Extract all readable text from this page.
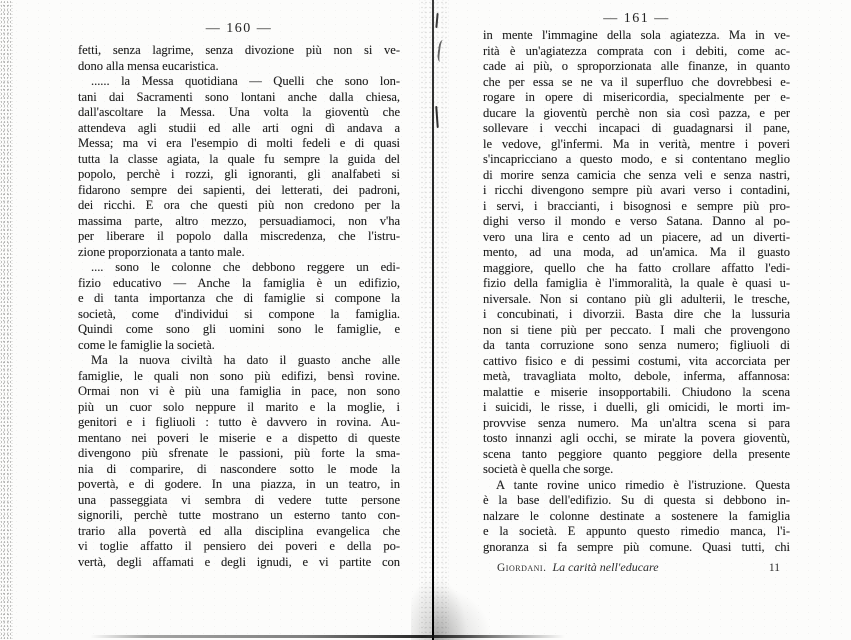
— 160 —
fetti, senza lagrime, senza divozione più non si ve-
dono alla mensa eucaristica.
...... la Messa quotidiana — Quelli che sono lon-
tani dai Sacramenti sono lontani anche dalla chiesa,
dall'ascoltare la Messa. Una volta la gioventù che
attendeva agli studii ed alle arti ogni dì andava a
Messa; ma vi era l'esempio di molti fedeli e di quasi
tutta la classe agiata, la quale fu sempre la guida del
popolo, perchè i rozzi, gli ignoranti, gli analfabeti si
fidarono sempre dei sapienti, dei letterati, dei padroni,
dei ricchi. E ora che questi più non credono per la
massima parte, altro mezzo, persuadiamoci, non v'ha
per liberare il popolo dalla miscredenza, che l'istru-
zione proporzionata a tanto male.
.... sono le colonne che debbono reggere un edi-
fizio educativo — Anche la famiglia è un edifizio,
e di tanta importanza che di famiglie si compone la
società, come d'individui si compone la famiglia.
Quindi come sono gli uomini sono le famiglie, e
come le famiglie la società.
Ma la nuova civiltà ha dato il guasto anche alle
famiglie, le quali non sono più edifizi, bensì rovine.
Ormai non vi è più una famiglia in pace, non sono
più un cuor solo neppure il marito e la moglie, i
genitori e i figliuoli : tutto è davvero in rovina. Au-
mentano nei poveri le miserie e a dispetto di queste
divengono più sfrenate le passioni, più forte la sma-
nia di comparire, di nascondere sotto le mode la
povertà, e di godere. In una piazza, in un teatro, in
una passeggiata vi sembra di vedere tutte persone
signorili, perchè tutte mostrano un esterno tanto con-
trario alla povertà ed alla disciplina evangelica che
vi toglie affatto il pensiero dei poveri e della po-
vertà, degli affamati e degli ignudi, e vi partite con
— 161 —
in mente l'immagine della sola agiatezza. Ma in ve-
rità è un'agiatezza comprata con i debiti, come ac-
cade ai più, o sproporzionata alle finanze, in quanto
che per essa se ne va il superfluo che dovrebbesi e-
rogare in opere di misericordia, specialmente per e-
ducare la gioventù perchè non sia così pazza, e per
sollevare i vecchi incapaci di guadagnarsi il pane,
le vedove, gl'infermi. Ma in verità, mentre i poveri
s'incapricciano a questo modo, e si contentano meglio
di morire senza camicia che senza veli e senza nastri,
i ricchi divengono sempre più avari verso i contadini,
i servi, i braccianti, i bisognosi e sempre più pro-
dighi verso il mondo e verso Satana. Danno al po-
vero una lira e cento ad un piacere, ad un diverti-
mento, ad una moda, ad un'amica. Ma il guasto
maggiore, quello che ha fatto crollare affatto l'edi-
fizio della famiglia è l'immoralità, la quale è quasi u-
niversale. Non si contano più gli adulterii, le tresche,
i concubinati, i divorzii. Basta dire che la lussuria
non si tiene più per peccato. I mali che provengono
da tanta corruzione sono senza numero; figliuoli di
cattivo fisico e di pessimi costumi, vita accorciata per
metà, travagliata molto, debole, inferma, affannosa:
malattie e miserie insopportabili. Chiudono la scena
i suicidi, le risse, i duelli, gli omicidi, le morti im-
provvise senza numero. Ma un'altra scena si para
tosto innanzi agli occhi, se mirate la povera gioventù,
scena tanto peggiore quanto peggiore della presente
società è quella che sorge.
A tante rovine unico rimedio è l'istruzione. Questa
è la base dell'edifizio. Su di questa si debbono in-
nalzare le colonne destinate a sostenere la famiglia
e la società. E appunto questo rimedio manca, l'i-
gnoranza si fa sempre più comune. Quasi tutti, chi
Giordani. La carità nell'educare	11
